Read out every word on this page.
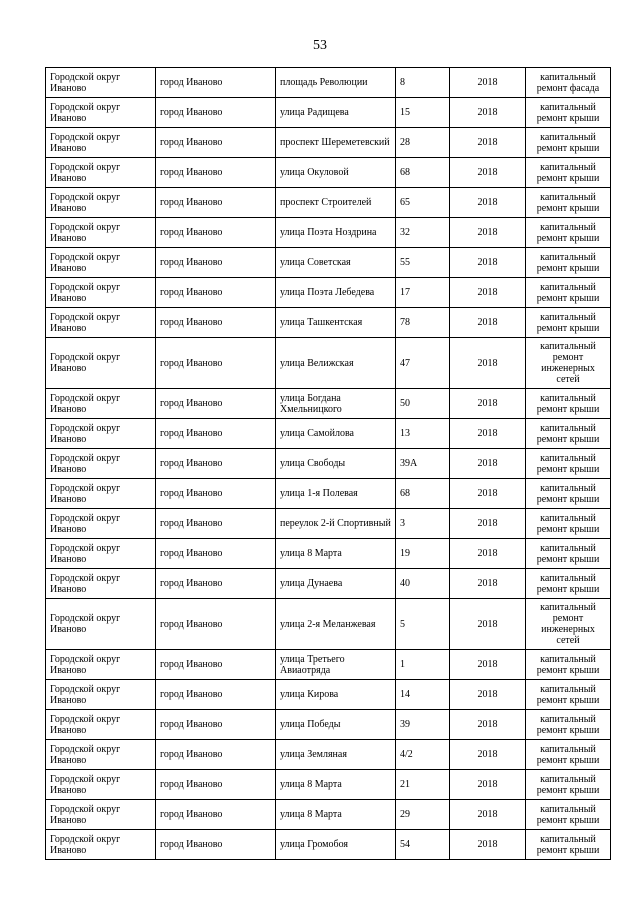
53
Городской округ Иваново	город Иваново	площадь Революции	8	2018	капитальный ремонт фасада
Городской округ Иваново	город Иваново	улица Радищева	15	2018	капитальный ремонт крыши
Городской округ Иваново	город Иваново	проспект Шереметевский	28	2018	капитальный ремонт крыши
Городской округ Иваново	город Иваново	улица Окуловой	68	2018	капитальный ремонт крыши
Городской округ Иваново	город Иваново	проспект Строителей	65	2018	капитальный ремонт крыши
Городской округ Иваново	город Иваново	улица Поэта Ноздрина	32	2018	капитальный ремонт крыши
Городской округ Иваново	город Иваново	улица Советская	55	2018	капитальный ремонт крыши
Городской округ Иваново	город Иваново	улица Поэта Лебедева	17	2018	капитальный ремонт крыши
Городской округ Иваново	город Иваново	улица Ташкентская	78	2018	капитальный ремонт крыши
Городской округ Иваново	город Иваново	улица Велижская	47	2018	капитальный ремонт инженерных сетей
Городской округ Иваново	город Иваново	улица Богдана Хмельницкого	50	2018	капитальный ремонт крыши
Городской округ Иваново	город Иваново	улица Самойлова	13	2018	капитальный ремонт крыши
Городской округ Иваново	город Иваново	улица Свободы	39А	2018	капитальный ремонт крыши
Городской округ Иваново	город Иваново	улица 1-я Полевая	68	2018	капитальный ремонт крыши
Городской округ Иваново	город Иваново	переулок 2-й Спортивный	3	2018	капитальный ремонт крыши
Городской округ Иваново	город Иваново	улица 8 Марта	19	2018	капитальный ремонт крыши
Городской округ Иваново	город Иваново	улица Дунаева	40	2018	капитальный ремонт крыши
Городской округ Иваново	город Иваново	улица 2-я Меланжевая	5	2018	капитальный ремонт инженерных сетей
Городской округ Иваново	город Иваново	улица Третьего Авиаотряда	1	2018	капитальный ремонт крыши
Городской округ Иваново	город Иваново	улица Кирова	14	2018	капитальный ремонт крыши
Городской округ Иваново	город Иваново	улица Победы	39	2018	капитальный ремонт крыши
Городской округ Иваново	город Иваново	улица Земляная	4/2	2018	капитальный ремонт крыши
Городской округ Иваново	город Иваново	улица 8 Марта	21	2018	капитальный ремонт крыши
Городской округ Иваново	город Иваново	улица 8 Марта	29	2018	капитальный ремонт крыши
Городской округ Иваново	город Иваново	улица Громобоя	54	2018	капитальный ремонт крыши
